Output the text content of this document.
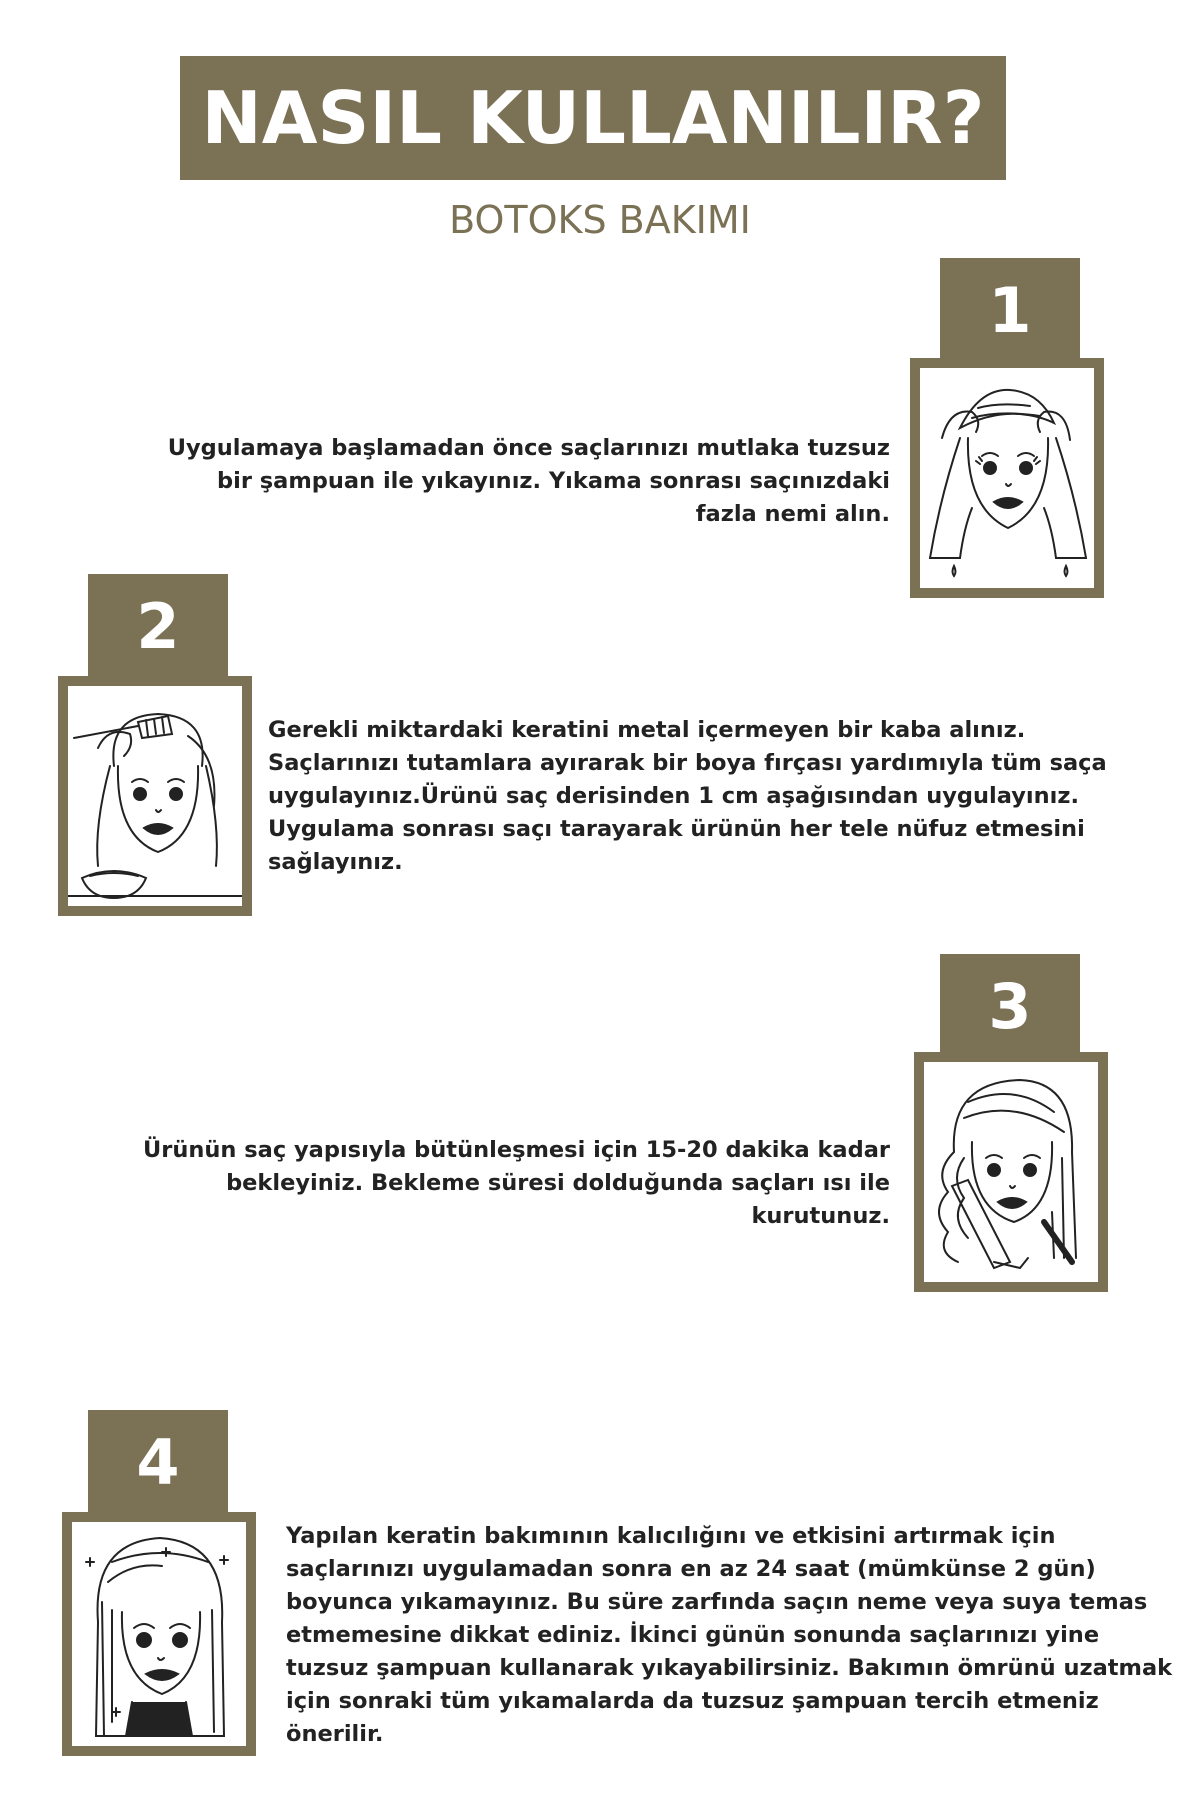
NASIL KULLANILIR?
BOTOKS BAKIMI
1

Uygulamaya başlamadan önce saçlarınızı mutlaka tuzsuz bir şampuan ile yıkayınız. Yıkama sonrası saçınızdaki fazla nemi alın.

2

Gerekli miktardaki keratini metal içermeyen bir kaba alınız. Saçlarınızı tutamlara ayırarak bir boya fırçası yardımıyla tüm saça uygulayınız.Ürünü saç derisinden 1 cm aşağısından uygulayınız. Uygulama sonrası saçı tarayarak ürünün her tele nüfuz etmesini sağlayınız.

3

Ürünün saç yapısıyla bütünleşmesi için 15-20 dakika kadar bekleyiniz. Bekleme süresi dolduğunda saçları ısı ile kurutunuz.

4

Yapılan keratin bakımının kalıcılığını ve etkisini artırmak için saçlarınızı uygulamadan sonra en az 24 saat (mümkünse 2 gün) boyunca yıkamayınız. Bu süre zarfında saçın neme veya suya temas etmemesine dikkat ediniz. İkinci günün sonunda saçlarınızı yine tuzsuz şampuan kullanarak yıkayabilirsiniz. Bakımın ömrünü uzatmak için sonraki tüm yıkamalarda da tuzsuz şampuan tercih etmeniz önerilir.
